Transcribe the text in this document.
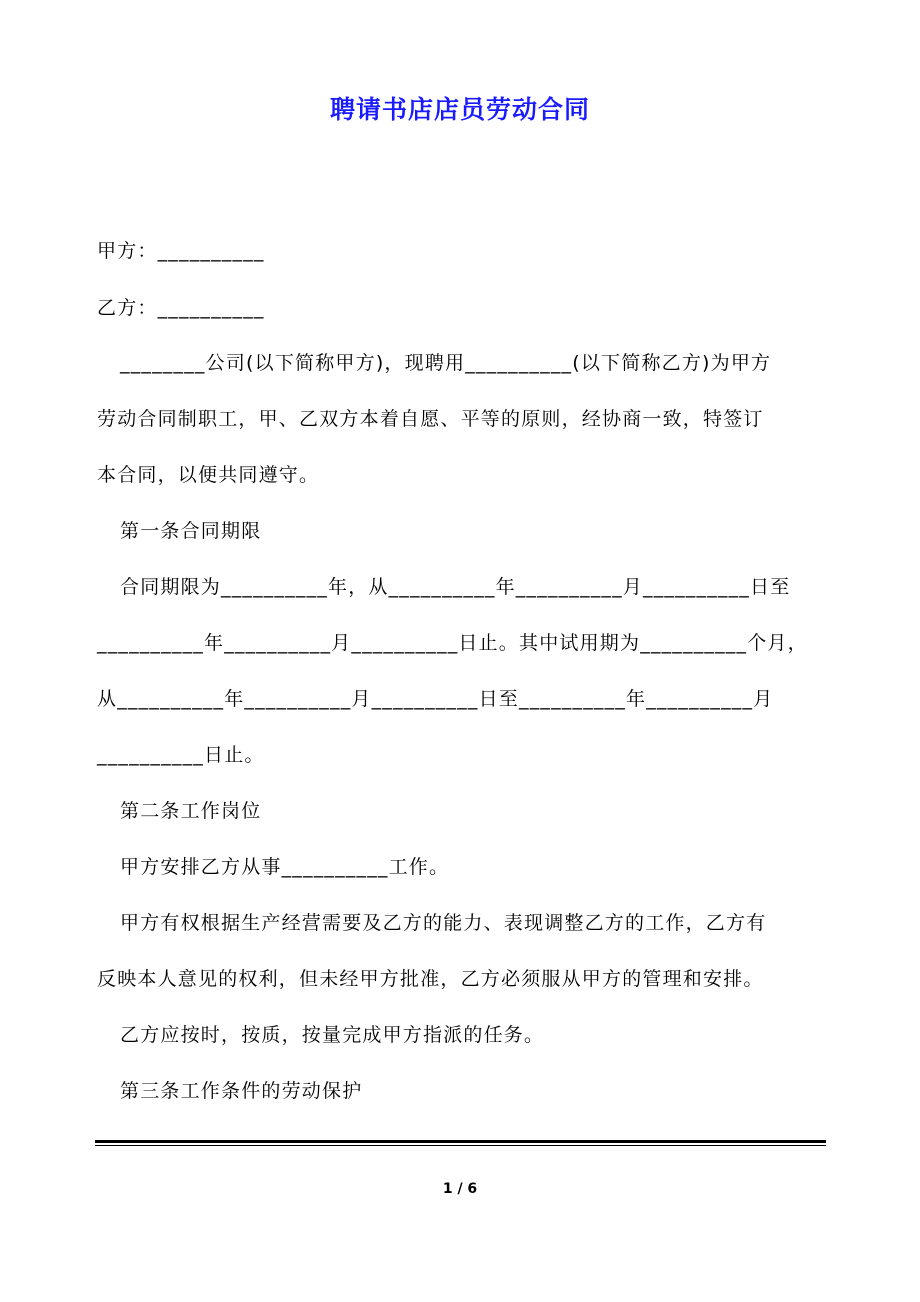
聘请书店店员劳动合同
甲方：__________
乙方：__________
________公司(以下简称甲方)，现聘用__________(以下简称乙方)为甲方
劳动合同制职工，甲、乙双方本着自愿、平等的原则，经协商一致，特签订
本合同，以便共同遵守。
第一条合同期限
合同期限为__________年，从__________年__________月__________日至
__________年__________月__________日止。其中试用期为__________个月，
从__________年__________月__________日至__________年__________月
__________日止。
第二条工作岗位
甲方安排乙方从事__________工作。
甲方有权根据生产经营需要及乙方的能力、表现调整乙方的工作，乙方有
反映本人意见的权利，但未经甲方批准，乙方必须服从甲方的管理和安排。
乙方应按时，按质，按量完成甲方指派的任务。
第三条工作条件的劳动保护
1 / 6
